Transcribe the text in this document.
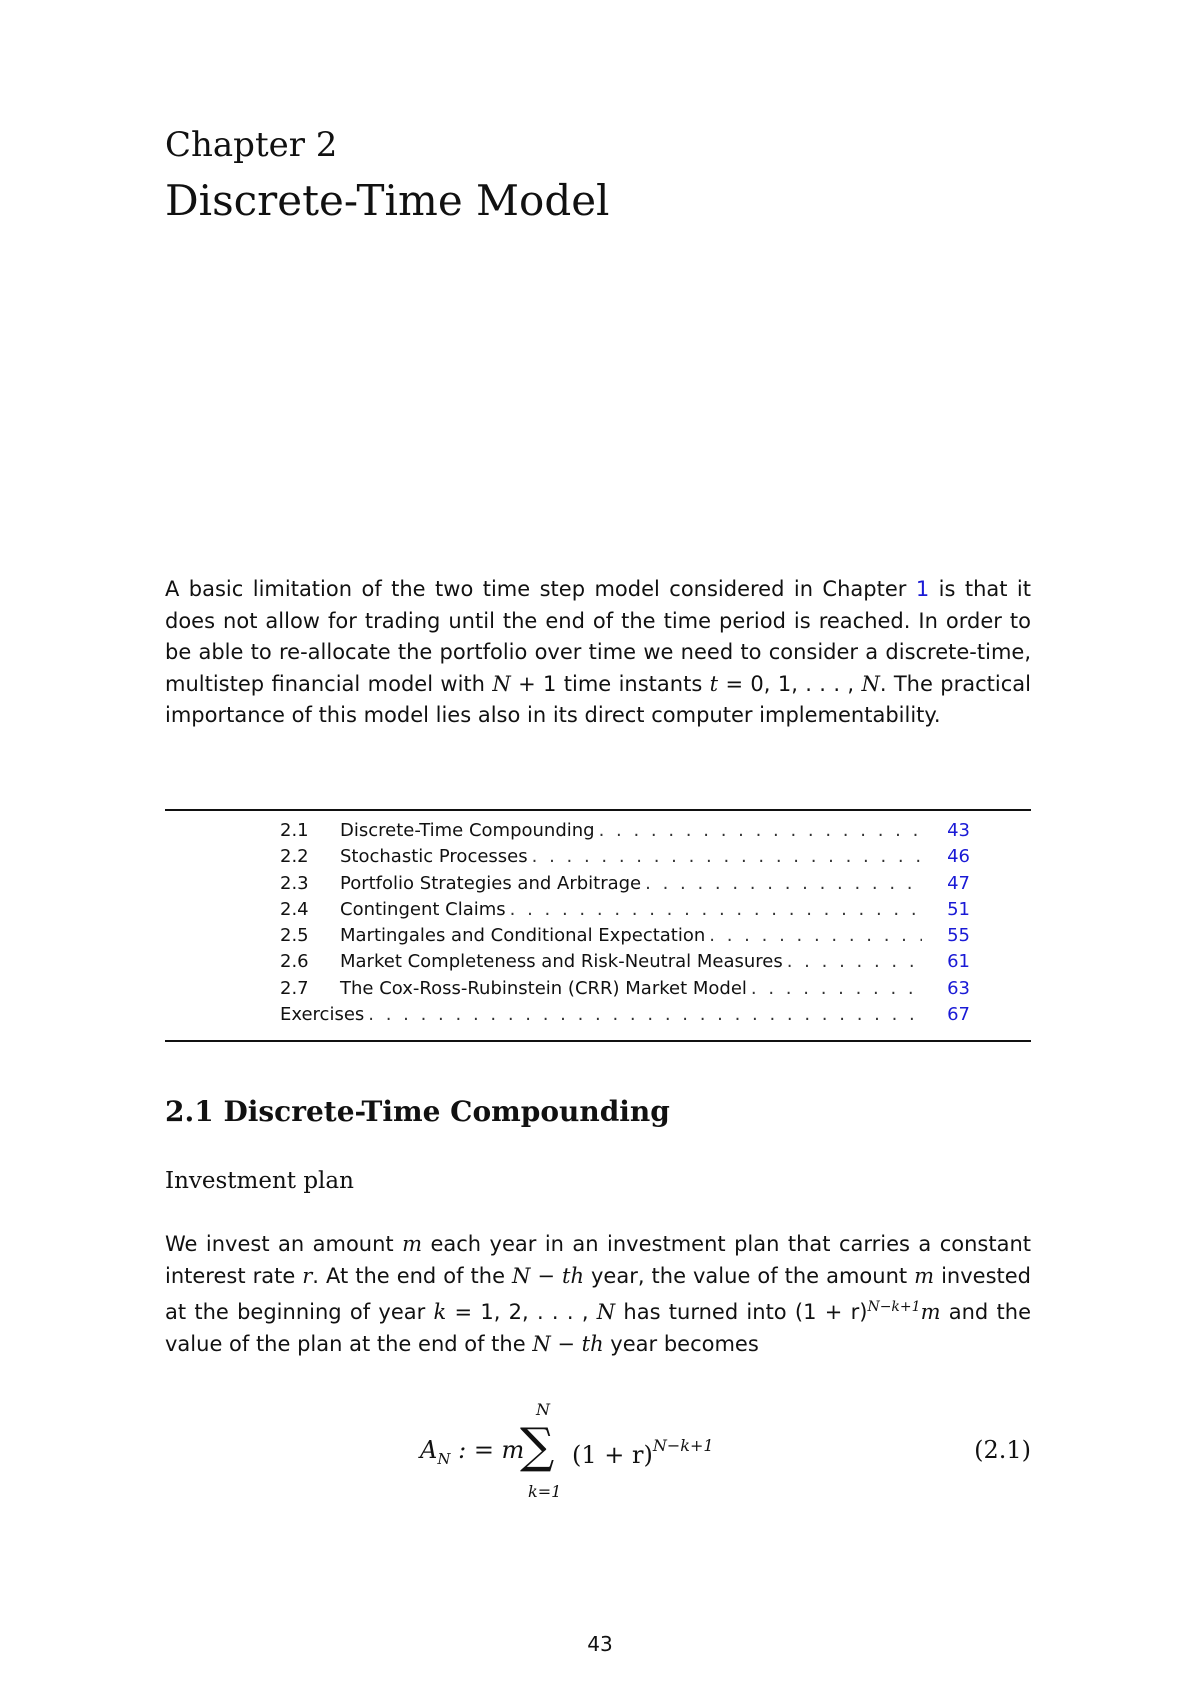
Chapter 2
Discrete-Time Model
A basic limitation of the two time step model considered in Chapter 1 is that it does not allow for trading until the end of the time period is reached. In order to be able to re-allocate the portfolio over time we need to consider a discrete-time, multistep financial model with N + 1 time instants t = 0, 1, . . . , N. The practical importance of this model lies also in its direct computer implementability.
2.1	Discrete-Time Compounding . . .	43
2.2	Stochastic Processes . . .	46
2.3	Portfolio Strategies and Arbitrage . . .	47
2.4	Contingent Claims . . .	51
2.5	Martingales and Conditional Expectation . . .	55
2.6	Market Completeness and Risk-Neutral Measures . . .	61
2.7	The Cox-Ross-Rubinstein (CRR) Market Model . . .	63
Exercises . . .	67
2.1 Discrete-Time Compounding
Investment plan
We invest an amount m each year in an investment plan that carries a constant interest rate r. At the end of the N − th year, the value of the amount m invested at the beginning of year k = 1, 2, . . . , N has turned into $(1 + r)^{N-k+1}m$ and the value of the plan at the end of the N − th year becomes
$A_N$ : = m
N
∑
k=1
$(1 + r)^{N-k+1}$	(2.1)
43
